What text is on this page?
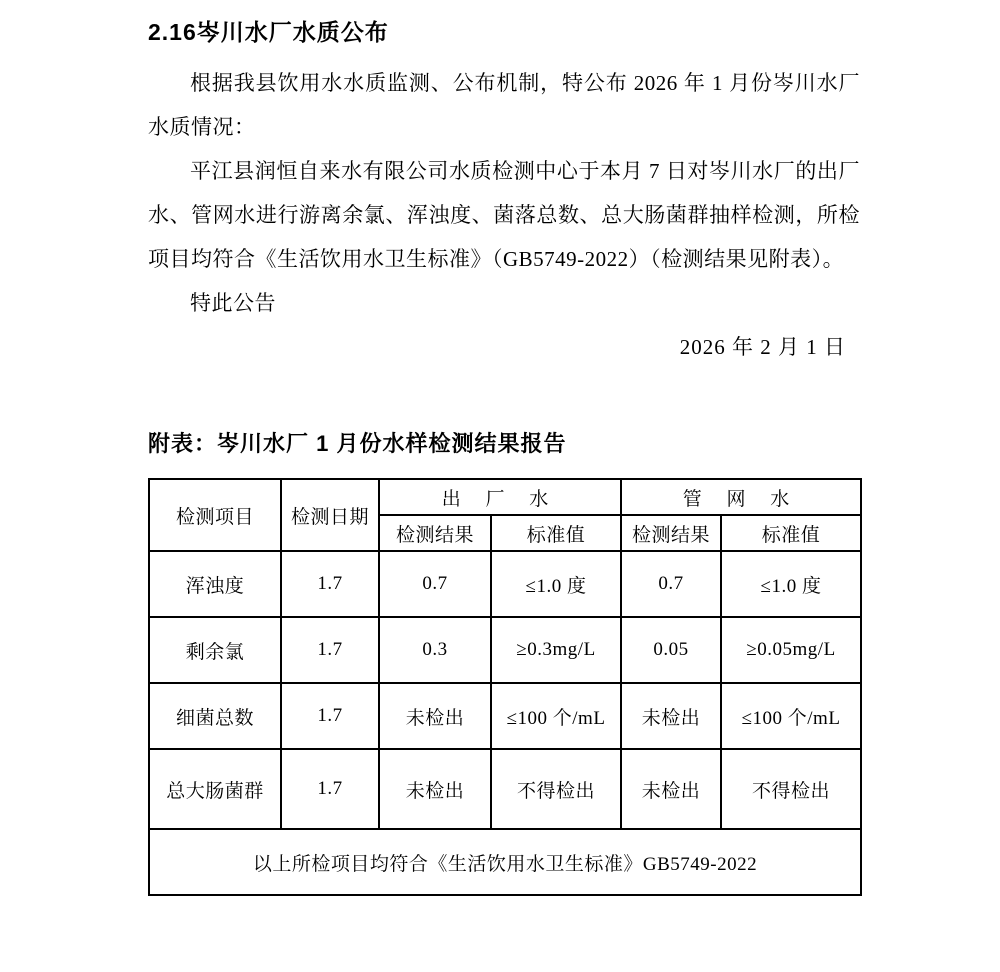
2.16岑川水厂水质公布

根据我县饮用水水质监测、公布机制，特公布 2026 年 1 月份岑川水厂水质情况：

平江县润恒自来水有限公司水质检测中心于本月 7 日对岑川水厂的出厂水、管网水进行游离余氯、浑浊度、菌落总数、总大肠菌群抽样检测，所检项目均符合《生活饮用水卫生标准》（GB5749-2022）（检测结果见附表）。

特此公告

2026 年 2 月 1 日

附表：岑川水厂 1 月份水样检测结果报告
检测项目	检测日期	出 厂 水		管 网 水	
		检测结果	标准值	检测结果	标准值
浑浊度	1.7	0.7	≤1.0 度	0.7	≤1.0 度
剩余氯	1.7	0.3	≥0.3mg/L	0.05	≥0.05mg/L
细菌总数	1.7	未检出	≤100 个/mL	未检出	≤100 个/mL
总大肠菌群	1.7	未检出	不得检出	未检出	不得检出
以上所检项目均符合《生活饮用水卫生标准》GB5749-2022					
